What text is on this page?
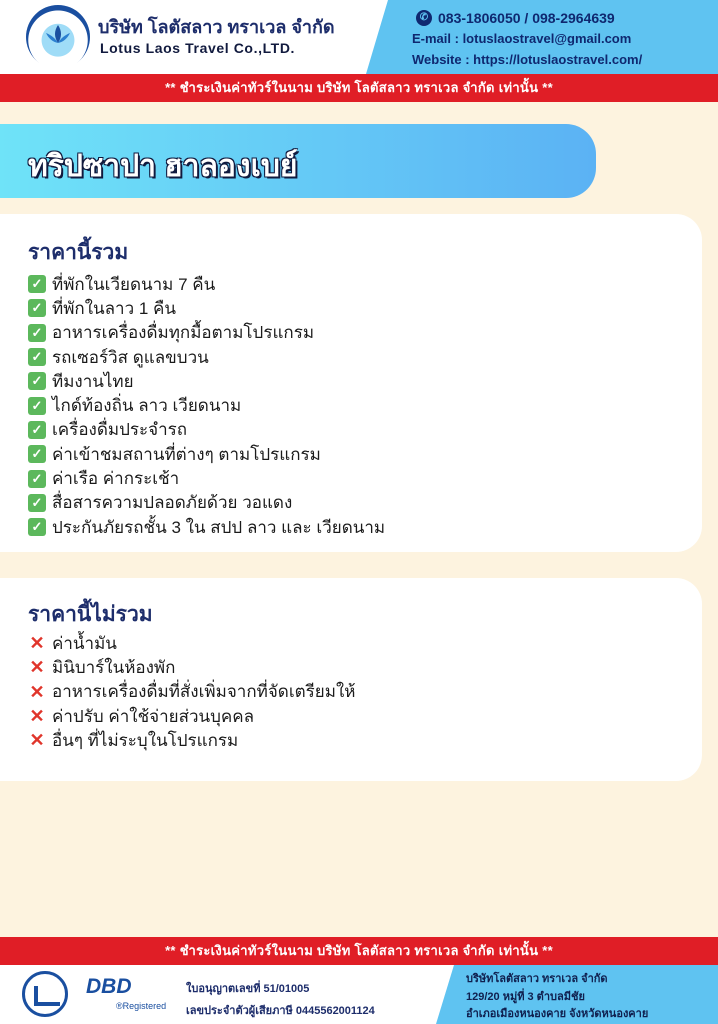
บริษัท โลตัสลาว ทราเวล จำกัด
Lotus Laos Travel Co.,LTD.
✆ 083-1806050 / 098-2964639
E-mail : lotuslaostravel@gmail.com
Website : https://lotuslaostravel.com/
** ชำระเงินค่าทัวร์ในนาม บริษัท โลตัสลาว ทราเวล จำกัด เท่านั้น **
ทริปซาปา ฮาลองเบย์
ราคานี้รวม
✓ ที่พักในเวียดนาม 7 คืน
✓ ที่พักในลาว 1 คืน
✓ อาหารเครื่องดื่มทุกมื้อตามโปรแกรม
✓ รถเซอร์วิส ดูแลขบวน
✓ ทีมงานไทย
✓ ไกด์ท้องถิ่น ลาว เวียดนาม
✓ เครื่องดื่มประจำรถ
✓ ค่าเข้าชมสถานที่ต่างๆ ตามโปรแกรม
✓ ค่าเรือ ค่ากระเช้า
✓ สื่อสารความปลอดภัยด้วย วอแดง
✓ ประกันภัยรถชั้น 3 ใน สปป ลาว และ เวียดนาม
ราคานี้ไม่รวม
✕ ค่าน้ำมัน
✕ มินิบาร์ในห้องพัก
✕ อาหารเครื่องดื่มที่สั่งเพิ่มจากที่จัดเตรียมให้
✕ ค่าปรับ ค่าใช้จ่ายส่วนบุคคล
✕ อื่นๆ ที่ไม่ระบุในโปรแกรม
** ชำระเงินค่าทัวร์ในนาม บริษัท โลตัสลาว ทราเวล จำกัด เท่านั้น **
DBD
®Registered
ใบอนุญาตเลขที่ 51/01005
เลขประจำตัวผู้เสียภาษี 0445562001124
บริษัทโลตัสลาว ทราเวล จำกัด
129/20 หมู่ที่ 3 ตำบลมีชัย
อำเภอเมืองหนองคาย จังหวัดหนองคาย
